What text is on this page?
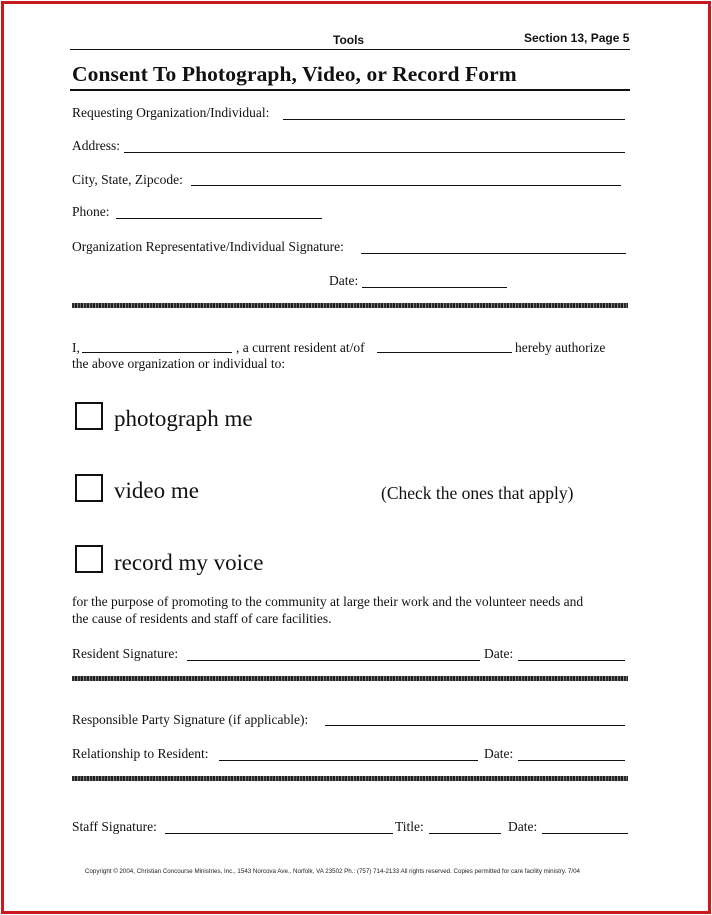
Tools	Section 13, Page 5
Consent To Photograph, Video, or Record Form
Requesting Organization/Individual:
Address:
City, State, Zipcode:
Phone:
Organization Representative/Individual Signature:
Date:
I,	, a current resident at/of	hereby authorize
the above organization or individual to:
photograph me
video me	(Check the ones that apply)
record my voice
for the purpose of promoting to the community at large their work and the volunteer needs and
the cause of residents and staff of care facilities.
Resident Signature:	Date:
Responsible Party Signature (if applicable):
Relationship to Resident:	Date:
Staff Signature:	Title:	Date:
Copyright © 2004, Christian Concourse Ministries, Inc., 1543 Norcova Ave., Norfolk, VA 23502 Ph.: (757) 714-2133 All rights reserved. Copies permitted for care facility ministry. 7/04
